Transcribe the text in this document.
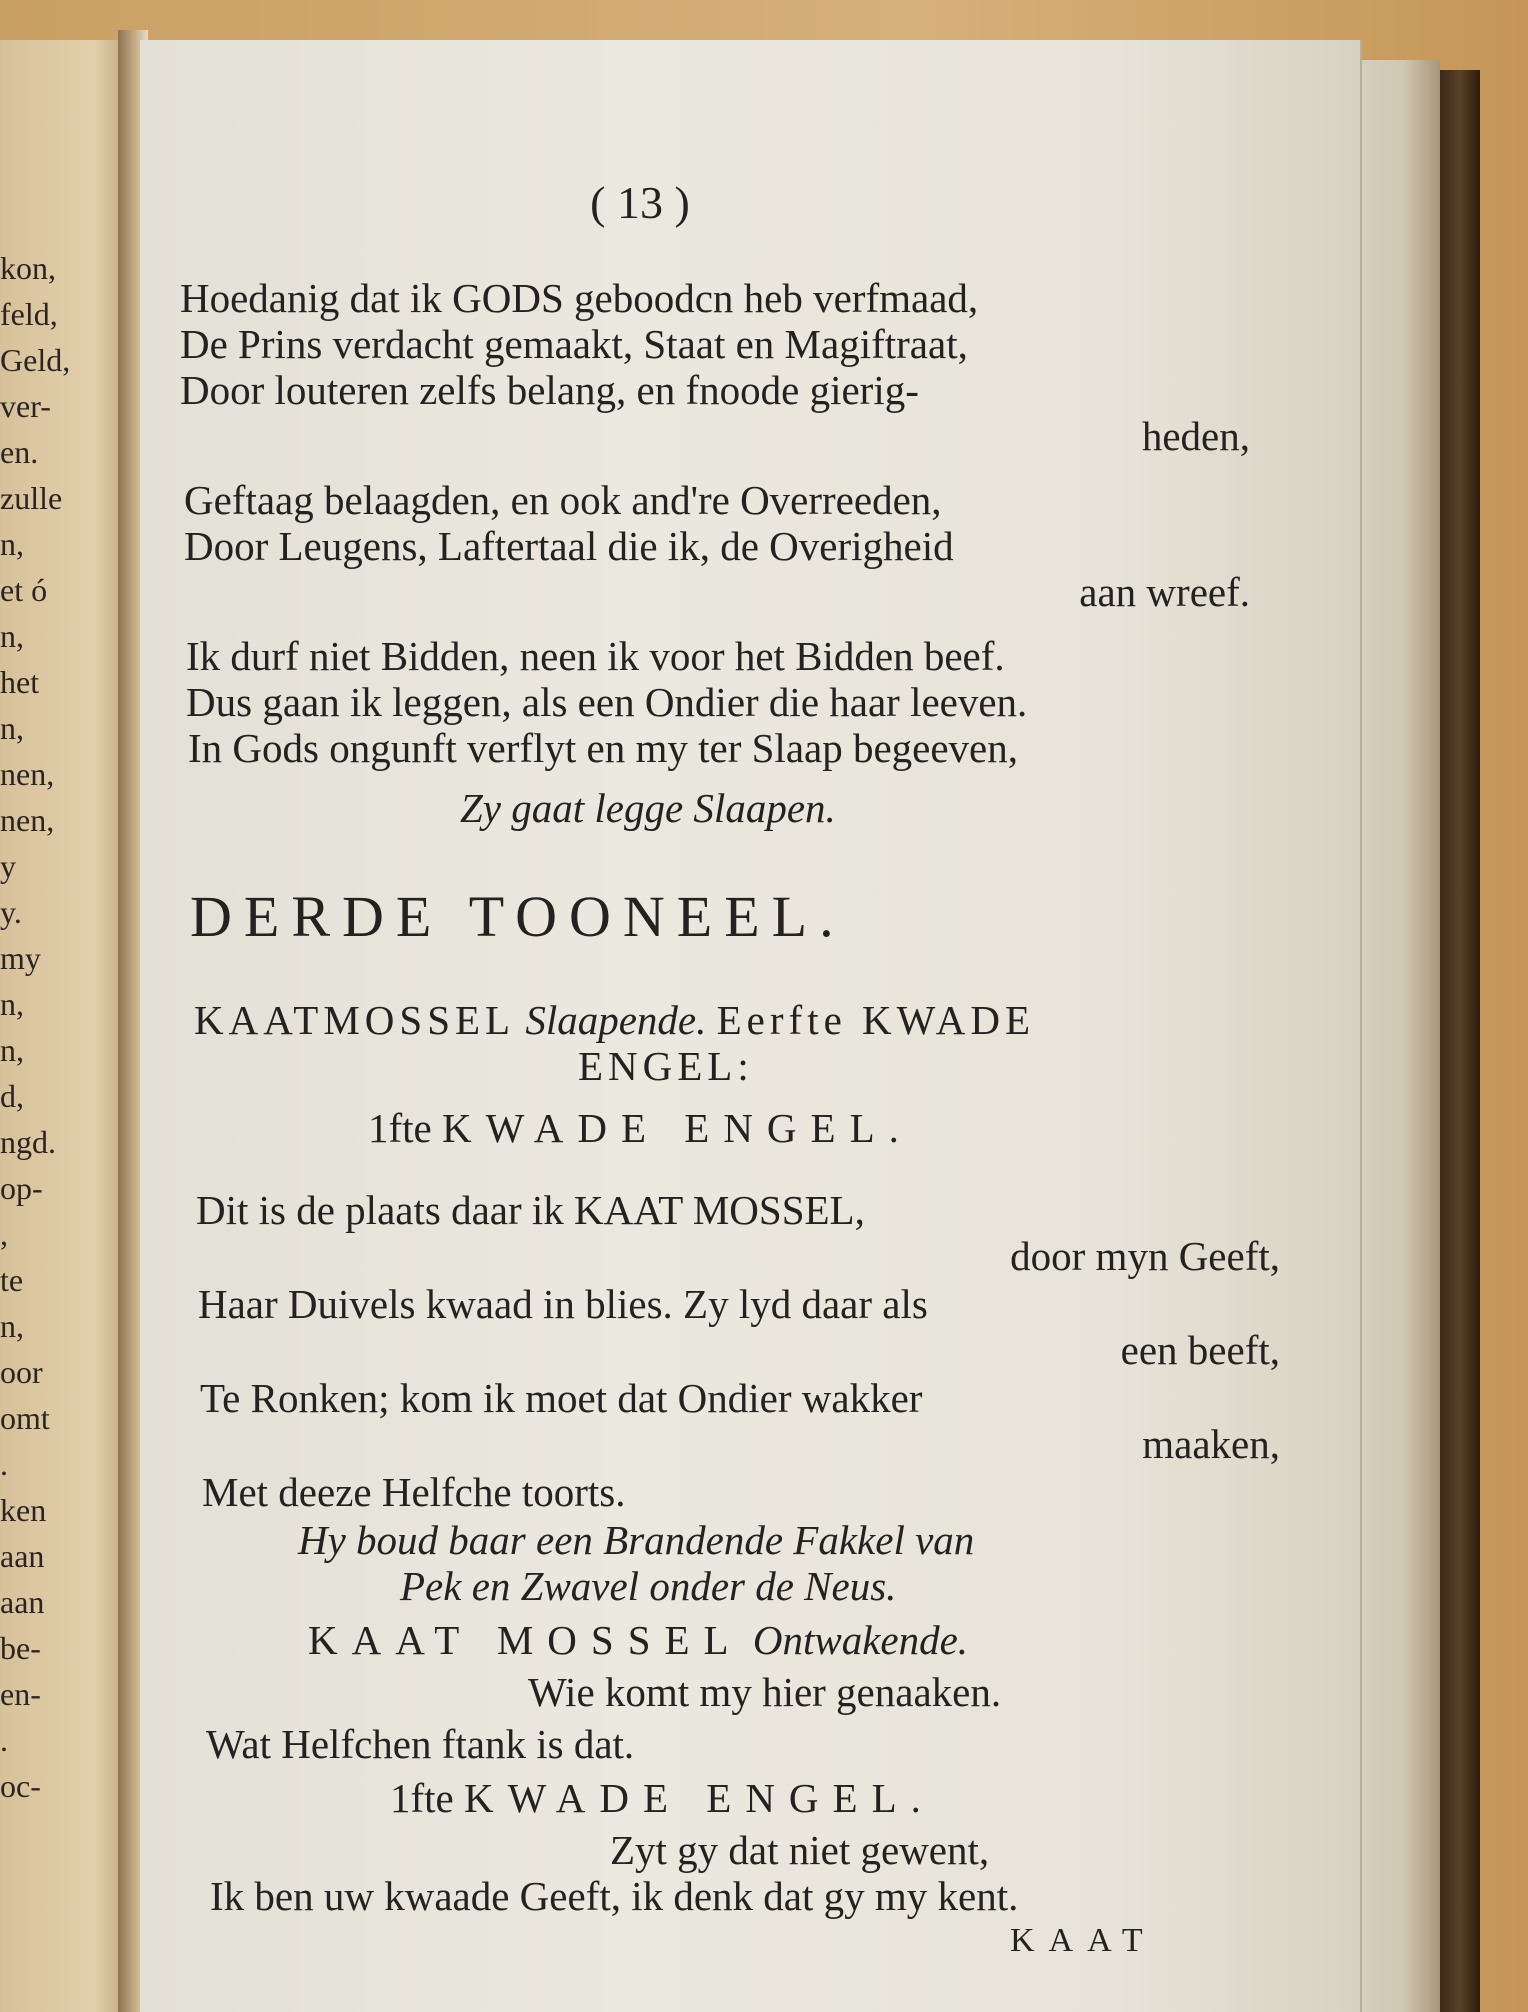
kon,
feld,
Geld,
ver-
en.
zulle
n,
et ó
n,
het
n,
nen,
nen,
y
y.
my
n,
n,
d,
ngd.
op-
,
te
n,
oor
omt
.
ken
aan
aan
be-
en-
.
oc-
( 13 )
Hoedanig dat ik GODS geboodcn heb verfmaad,
De Prins verdacht gemaakt, Staat en Magiftraat,
Door louteren zelfs belang, en fnoode gierig-
heden,
Geftaag belaagden, en ook and're Overreeden,
Door Leugens, Laftertaal die ik, de Overigheid
aan wreef.
Ik durf niet Bidden, neen ik voor het Bidden beef.
Dus gaan ik leggen, als een Ondier die haar leeven.
In Gods ongunft verflyt en my ter Slaap begeeven,
Zy gaat legge Slaapen.
DERDE TOONEEL.
KAATMOSSEL Slaapende. Eerfte KWADE
ENGEL:
1fte KWADE ENGEL.
Dit is de plaats daar ik KAAT MOSSEL,
door myn Geeft,
Haar Duivels kwaad in blies. Zy lyd daar als
een beeft,
Te Ronken; kom ik moet dat Ondier wakker
maaken,
Met deeze Helfche toorts.
Hy boud baar een Brandende Fakkel van
Pek en Zwavel onder de Neus.
KAAT MOSSEL Ontwakende.
Wie komt my hier genaaken.
Wat Helfchen ftank is dat.
1fte KWADE ENGEL.
Zyt gy dat niet gewent,
Ik ben uw kwaade Geeft, ik denk dat gy my kent.
KAAT
